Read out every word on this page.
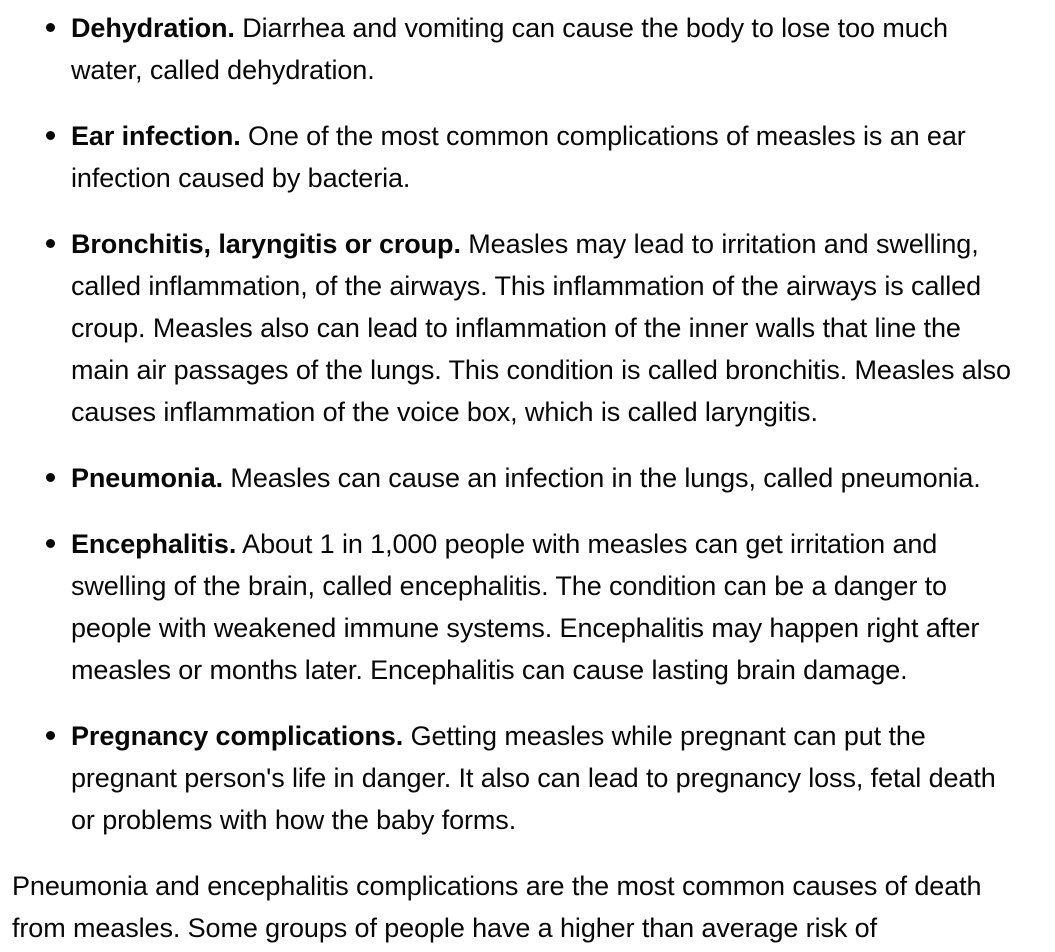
Dehydration. Diarrhea and vomiting can cause the body to lose too much water, called dehydration.
Ear infection. One of the most common complications of measles is an ear infection caused by bacteria.
Bronchitis, laryngitis or croup. Measles may lead to irritation and swelling, called inflammation, of the airways. This inflammation of the airways is called croup. Measles also can lead to inflammation of the inner walls that line the main air passages of the lungs. This condition is called bronchitis. Measles also causes inflammation of the voice box, which is called laryngitis.
Pneumonia. Measles can cause an infection in the lungs, called pneumonia.
Encephalitis. About 1 in 1,000 people with measles can get irritation and swelling of the brain, called encephalitis. The condition can be a danger to people with weakened immune systems. Encephalitis may happen right after measles or months later. Encephalitis can cause lasting brain damage.
Pregnancy complications. Getting measles while pregnant can put the pregnant person's life in danger. It also can lead to pregnancy loss, fetal death or problems with how the baby forms.

Pneumonia and encephalitis complications are the most common causes of death from measles. Some groups of people have a higher than average risk of
